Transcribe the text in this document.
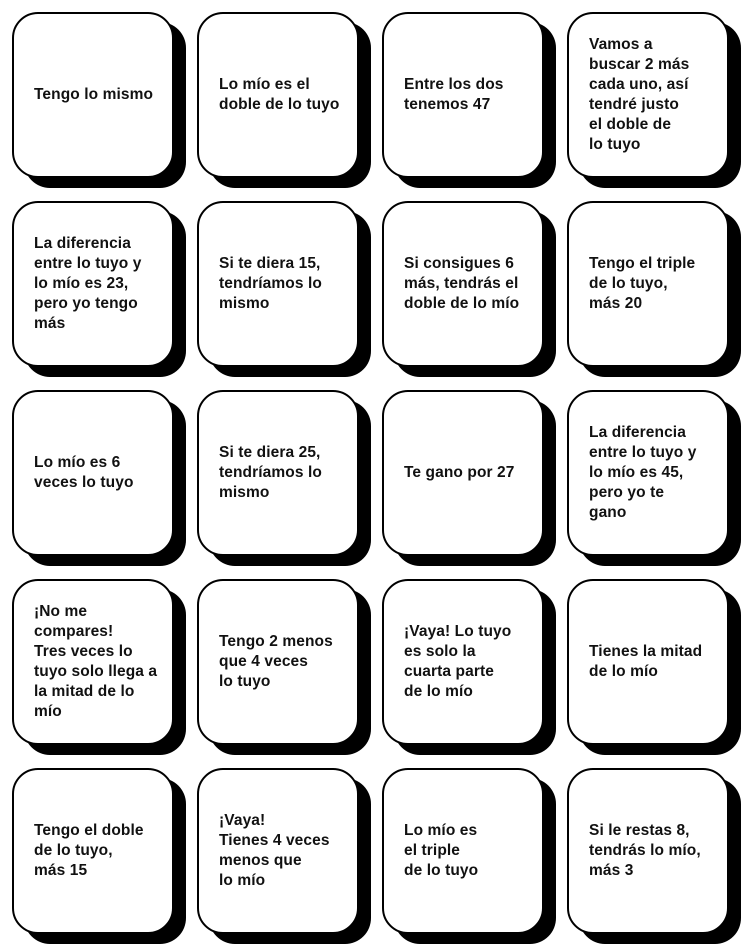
Tengo lo mismo
Lo mío es el
doble de lo tuyo
Entre los dos
tenemos 47
Vamos a
buscar 2 más
cada uno, así
tendré justo
el doble de
lo tuyo
La diferencia
entre lo tuyo y
lo mío es 23,
pero yo tengo
más
Si te diera 15,
tendríamos lo
mismo
Si consigues 6
más, tendrás el
doble de lo mío
Tengo el triple
de lo tuyo,
más 20
Lo mío es 6
veces lo tuyo
Si te diera 25,
tendríamos lo
mismo
Te gano por 27
La diferencia
entre lo tuyo y
lo mío es 45,
pero yo te
gano
¡No me
compares!
Tres veces lo
tuyo solo llega a
la mitad de lo
mío
Tengo 2 menos
que 4 veces
lo tuyo
¡Vaya! Lo tuyo
es solo la
cuarta parte
de lo mío
Tienes la mitad
de lo mío
Tengo el doble
de lo tuyo,
más 15
¡Vaya!
Tienes 4 veces
menos que
lo mío
Lo mío es
el triple
de lo tuyo
Si le restas 8,
tendrás lo mío,
más 3
